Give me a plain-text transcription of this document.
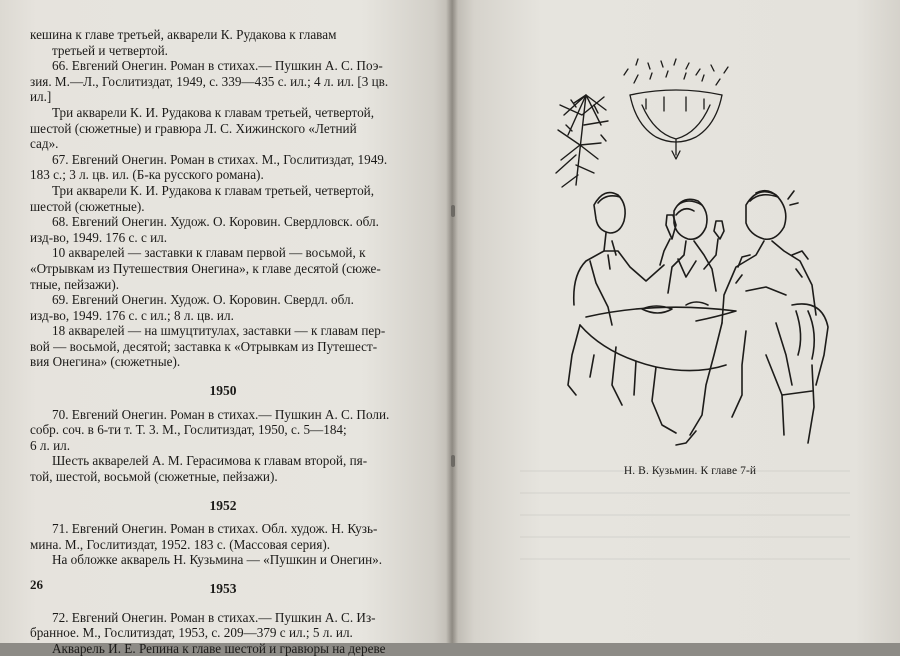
кешина к главе третьей, акварели К. Рудакова к главам
третьей и четвертой.
66. Евгений Онегин. Роман в стихах.— Пушкин А. С. Поэ-
зия. М.—Л., Гослитиздат, 1949, с. 339—435 с. ил.; 4 л. ил. [3 цв.
ил.]
Три акварели К. И. Рудакова к главам третьей, четвертой,
шестой (сюжетные) и гравюра Л. С. Хижинского «Летний
сад».
67. Евгений Онегин. Роман в стихах. М., Гослитиздат, 1949.
183 с.; 3 л. цв. ил. (Б-ка русского романа).
Три акварели К. И. Рудакова к главам третьей, четвертой,
шестой (сюжетные).
68. Евгений Онегин. Худож. О. Коровин. Свердловск. обл.
изд-во, 1949. 176 с. с ил.
10 акварелей — заставки к главам первой — восьмой, к
«Отрывкам из Путешествия Онегина», к главе десятой (сюже-
тные, пейзажи).
69. Евгений Онегин. Худож. О. Коровин. Свердл. обл.
изд-во, 1949. 176 с. с ил.; 8 л. цв. ил.
18 акварелей — на шмуцтитулах, заставки — к главам пер-
вой — восьмой, десятой; заставка к «Отрывкам из Путешест-
вия Онегина» (сюжетные).
1950
70. Евгений Онегин. Роман в стихах.— Пушкин А. С. Поли.
собр. соч. в 6-ти т. Т. 3. М., Гослитиздат, 1950, с. 5—184;
6 л. ил.
Шесть акварелей А. М. Герасимова к главам второй, пя-
той, шестой, восьмой (сюжетные, пейзажи).
1952
71. Евгений Онегин. Роман в стихах. Обл. худож. Н. Кузь-
мина. М., Гослитиздат, 1952. 183 с. (Массовая серия).
На обложке акварель Н. Кузьмина — «Пушкин и Онегин».
1953
72. Евгений Онегин. Роман в стихах.— Пушкин А. С. Из-
бранное. М., Гослитиздат, 1953, с. 209—379 с ил.; 5 л. ил.
Акварель И. Е. Репина к главе шестой и гравюры на дереве
26
Н. В. Кузьмин. К главе 7-й
